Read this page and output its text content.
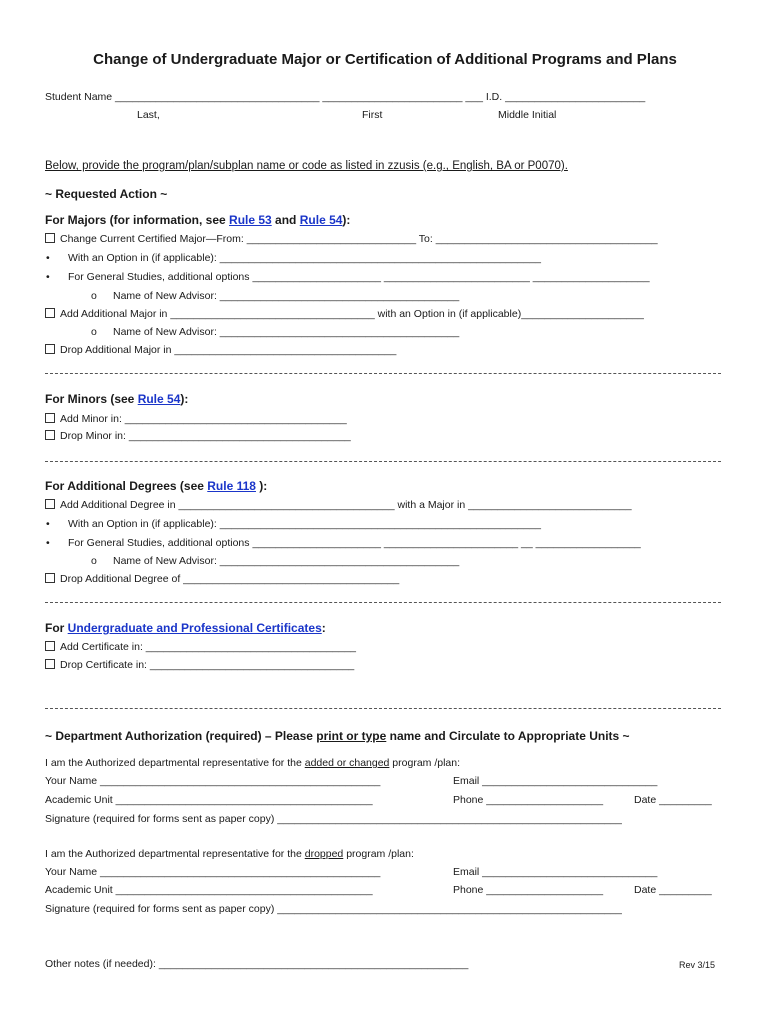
Change of Undergraduate Major or Certification of Additional Programs and Plans
Student Name ___________________________________ ________________________ ___ I.D. ________________________
Last,	First	Middle Initial
Below, provide the program/plan/subplan name or code as listed in zzusis (e.g., English, BA or P0070).
~ Requested Action ~
For Majors (for information, see Rule 53 and Rule 54):
Change Current Certified Major—From: _____________________________ To: ______________________________________
• With an Option in (if applicable): _______________________________________________________
• For General Studies, additional options ______________________ _________________________ ____________________
o Name of New Advisor: _________________________________________
Add Additional Major in ___________________________________ with an Option in (if applicable)_____________________
o Name of New Advisor: _________________________________________
Drop Additional Major in ______________________________________
For Minors (see Rule 54):
Add Minor in: ______________________________________
Drop Minor in: ______________________________________
For Additional Degrees (see Rule 118 ):
Add Additional Degree in _____________________________________ with a Major in ____________________________
• With an Option in (if applicable): _______________________________________________________
• For General Studies, additional options ______________________ _______________________ __ __________________
o Name of New Advisor: _________________________________________
Drop Additional Degree of _____________________________________
For Undergraduate and Professional Certificates:
Add Certificate in: ____________________________________
Drop Certificate in: ___________________________________
~ Department Authorization (required) – Please print or type name and Circulate to Appropriate Units ~
I am the Authorized departmental representative for the added or changed program /plan:
Your Name ________________________________________________	Email ______________________________
Academic Unit ____________________________________________	Phone ____________________	Date _________
Signature (required for forms sent as paper copy) ___________________________________________________________
I am the Authorized departmental representative for the dropped program /plan:
Your Name ________________________________________________	Email ______________________________
Academic Unit ____________________________________________	Phone ____________________	Date _________
Signature (required for forms sent as paper copy) ___________________________________________________________
Other notes (if needed): _____________________________________________________	Rev 3/15
